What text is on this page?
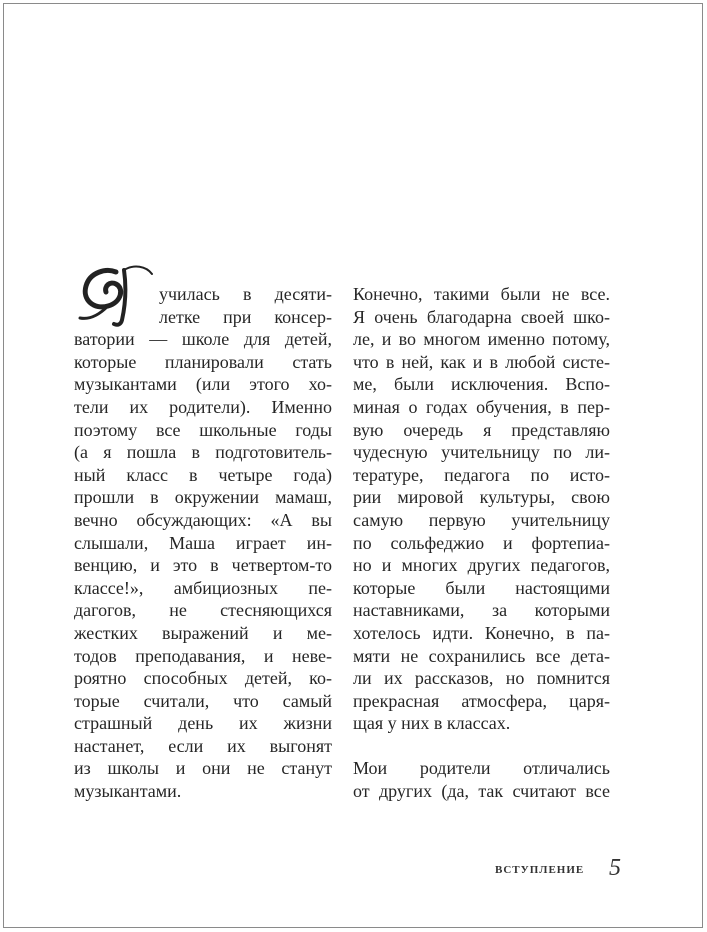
училась в десяти-
летке при консер-
ватории — школе для детей,
которые планировали стать
музыкантами (или этого хо-
тели их родители). Именно
поэтому все школьные годы
(а я пошла в подготовитель-
ный класс в четыре года)
прошли в окружении мамаш,
вечно обсуждающих: «А вы
слышали, Маша играет ин-
венцию, и это в четвертом-то
классе!», амбициозных пе-
дагогов, не стесняющихся
жестких выражений и ме-
тодов преподавания, и неве-
роятно способных детей, ко-
торые считали, что самый
страшный день их жизни
настанет, если их выгонят
из школы и они не станут
музыкантами.
Конечно, такими были не все.
Я очень благодарна своей шко-
ле, и во многом именно потому,
что в ней, как и в любой систе-
ме, были исключения. Вспо-
миная о годах обучения, в пер-
вую очередь я представляю
чудесную учительницу по ли-
тературе, педагога по исто-
рии мировой культуры, свою
самую первую учительницу
по сольфеджио и фортепиа-
но и многих других педагогов,
которые были настоящими
наставниками, за которыми
хотелось идти. Конечно, в па-
мяти не сохранились все дета-
ли их рассказов, но помнится
прекрасная атмосфера, царя-
щая у них в классах.
Мои родители отличались
от других (да, так считают все
ВСТУПЛЕНИЕ 5
